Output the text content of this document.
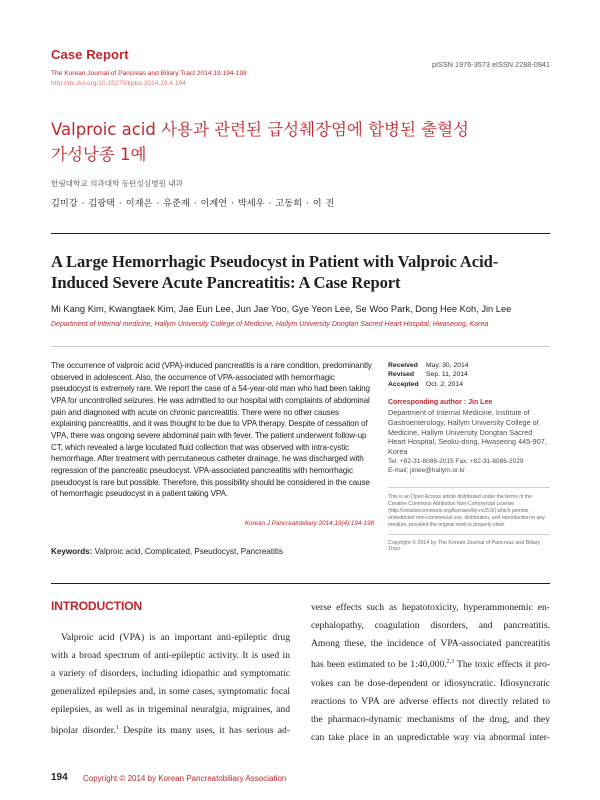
Case Report
The Korean Journal of Pancreas and Biliary Tract 2014;19:194-198
http://dx.doi.org/10.15279/kpba.2014.19.4.194
pISSN 1976-3573 eISSN 2288-0941
Valproic acid 사용과 관련된 급성췌장염에 합병된 출혈성
가성낭종 1예
한림대학교 의과대학 동탄성심병원 내과
김미강 · 김광택 · 이재은 · 유준재 · 이계연 · 박세우 · 고동희 · 이 진
A Large Hemorrhagic Pseudocyst in Patient with Valproic Acid-
Induced Severe Acute Pancreatitis: A Case Report
Mi Kang Kim, Kwangtaek Kim, Jae Eun Lee, Jun Jae Yoo, Gye Yeon Lee, Se Woo Park, Dong Hee Koh, Jin Lee
Department of Internal medicine, Hallym University College of Medicine, Hallym University Dongtan Sacred Heart Hospital, Hwaseong, Korea
The occurrence of valproic acid (VPA)-induced pancreatitis is a rare condition, predominantly observed in adolescent. Also, the occurrence of VPA-associated with hemorrhagic pseudocyst is extremely rare. We report the case of a 54-year-old man who had been taking VPA for uncontrolled seizures. He was admitted to our hospital with complaints of abdominal pain and diagnosed with acute on chronic pancreatitis. There were no other causes explaining pancreatitis, and it was thought to be due to VPA therapy. Despite of cessation of VPA, there was ongoing severe abdominal pain with fever. The patient underwent follow-up CT, which revealed a large loculated fluid collection that was observed with intra-cystic hemorrhage. After treatment with percutaneous catheter drainage, he was discharged with regression of the pancreatic pseudocyst. VPA-associated pancreatitis with hemorrhagic pseudocyst is rare but possible. Therefore, this possibility should be considered in the cause of hemorrhagic pseudocyst in a patient taking VPA.
Korean J Pancreatobiliary 2014;19(4):194-198
Keywords: Valproic acid, Complicated, Pseudocyst, Pancreatitis
Received May. 30, 2014
Revised Sep. 11, 2014
Accepted Oct. 2, 2014
Corresponding author : Jin Lee
Department of Internal Medicine, Institute of Gastroenterology, Hallym University College of Medicine, Hallym University Dongtan Sacred Heart Hospital, Seoku-dong, Hwaseong 445-907, Korea
Tel. +82-31-8086-2015 Fax. +82-31-8086-2029
E-mail; jinlee@hallym.or.kr
This is an Open Access article distributed under the terms of the Creative Commons Attribution Non-Commercial License (http://creativecommons.org/licenses/by-nc/3.0/) which permits unrestricted non-commercial use, distribution, and reproduction in any medium, provided the original work is properly cited.
Copyright © 2014 by The Korean Journal of Pancreas and Biliary Tract
INTRODUCTION
Valproic acid (VPA) is an important anti-epileptic drug
with a broad spectrum of anti-epileptic activity. It is used in
a variety of disorders, including idiopathic and symptomatic
generalized epilepsies and, in some cases, symptomatic focal
epilepsies, as well as in trigeminal neuralgia, migraines, and
bipolar disorder.$^1$ Despite its many uses, it has serious ad-
verse effects such as hepatotoxicity, hyperammonemic en-
cephalopathy, coagulation disorders, and pancreatitis.
Among these, the incidence of VPA-associated pancreatitis
has been estimated to be 1:40,000.$^{2,3}$ The toxic effects it pro-
vokes can be dose-dependent or idiosyncratic. Idiosyncratic
reactions to VPA are adverse effects not directly related to
the pharmaco-dynamic mechanisms of the drug, and they
can take place in an unpredictable way via abnormal inter-
194 Copyright © 2014 by Korean Pancreatobiliary Association
